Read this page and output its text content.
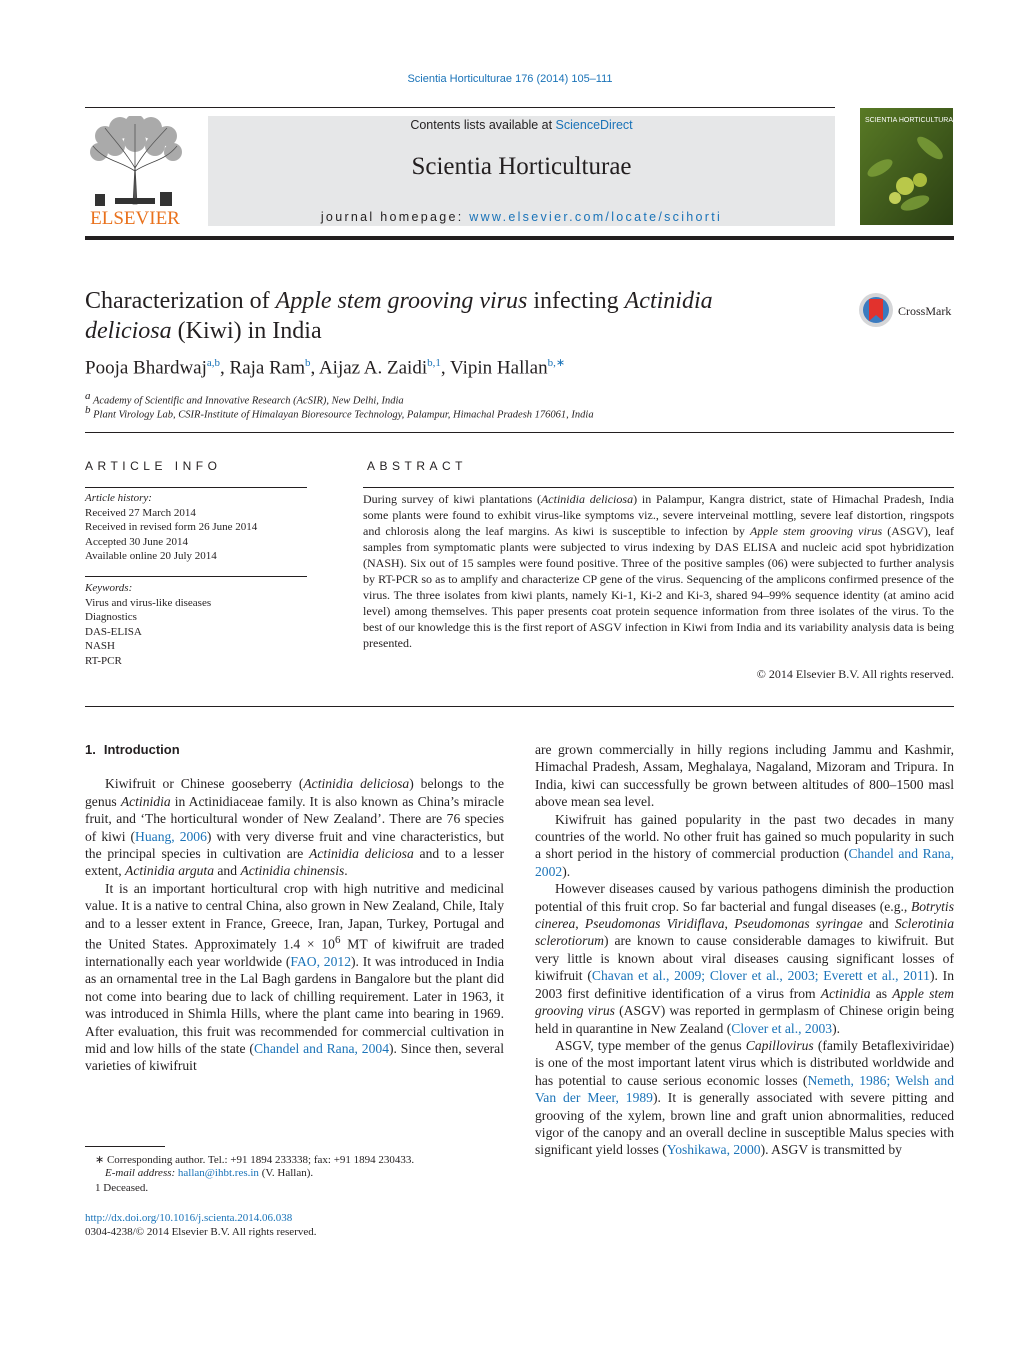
Scientia Horticulturae 176 (2014) 105–111
ELSEVIER
Contents lists available at ScienceDirect
Scientia Horticulturae
journal homepage: www.elsevier.com/locate/scihorti
SCIENTIA HORTICULTURAE
Characterization of Apple stem grooving virus infecting Actinidia
deliciosa (Kiwi) in India
CrossMark
Pooja Bhardwaj$^{a,b}$, Raja Ram$^b$, Aijaz A. Zaidi$^{b,1}$, Vipin Hallan$^{b,∗}$
$^a$ Academy of Scientific and Innovative Research (AcSIR), New Delhi, India
$^b$ Plant Virology Lab, CSIR-Institute of Himalayan Bioresource Technology, Palampur, Himachal Pradesh 176061, India
ARTICLE INFO	ABSTRACT
Article history:
Received 27 March 2014
Received in revised form 26 June 2014
Accepted 30 June 2014
Available online 20 July 2014
Keywords:
Virus and virus-like diseases
Diagnostics
DAS-ELISA
NASH
RT-PCR
During survey of kiwi plantations (Actinidia deliciosa) in Palampur, Kangra district, state of Himachal Pradesh, India some plants were found to exhibit virus-like symptoms viz., severe interveinal mottling, severe leaf distortion, ringspots and chlorosis along the leaf margins. As kiwi is susceptible to infection by Apple stem grooving virus (ASGV), leaf samples from symptomatic plants were subjected to virus indexing by DAS ELISA and nucleic acid spot hybridization (NASH). Six out of 15 samples were found positive. Three of the positive samples (06) were subjected to further analysis by RT-PCR so as to amplify and characterize CP gene of the virus. Sequencing of the amplicons confirmed presence of the virus. The three isolates from kiwi plants, namely Ki-1, Ki-2 and Ki-3, shared 94–99% sequence identity (at amino acid level) among themselves. This paper presents coat protein sequence information from three isolates of the virus. To the best of our knowledge this is the first report of ASGV infection in Kiwi from India and its variability analysis data is being presented.
© 2014 Elsevier B.V. All rights reserved.
1. Introduction

Kiwifruit or Chinese gooseberry (Actinidia deliciosa) belongs to the genus Actinidia in Actinidiaceae family. It is also known as China’s miracle fruit, and ‘The horticultural wonder of New Zealand’. There are 76 species of kiwi (Huang, 2006) with very diverse fruit and vine characteristics, but the principal species in cultivation are Actinidia deliciosa and to a lesser extent, Actinidia arguta and Actinidia chinensis.

It is an important horticultural crop with high nutritive and medicinal value. It is a native to central China, also grown in New Zealand, Chile, Italy and to a lesser extent in France, Greece, Iran, Japan, Turkey, Portugal and the United States. Approximately $1.4 \times 10^6$ MT of kiwifruit are traded internationally each year worldwide (FAO, 2012). It was introduced in India as an ornamental tree in the Lal Bagh gardens in Bangalore but the plant did not come into bearing due to lack of chilling requirement. Later in 1963, it was introduced in Shimla Hills, where the plant came into bearing in 1969. After evaluation, this fruit was recommended for commercial cultivation in mid and low hills of the state (Chandel and Rana, 2004). Since then, several varieties of kiwifruit

are grown commercially in hilly regions including Jammu and Kashmir, Himachal Pradesh, Assam, Meghalaya, Nagaland, Mizoram and Tripura. In India, kiwi can successfully be grown between altitudes of 800–1500 masl above mean sea level.

Kiwifruit has gained popularity in the past two decades in many countries of the world. No other fruit has gained so much popularity in such a short period in the history of commercial production (Chandel and Rana, 2002).

However diseases caused by various pathogens diminish the production potential of this fruit crop. So far bacterial and fungal diseases (e.g., Botrytis cinerea, Pseudomonas Viridiflava, Pseudomonas syringae and Sclerotinia sclerotiorum) are known to cause considerable damages to kiwifruit. But very little is known about viral diseases causing significant losses of kiwifruit (Chavan et al., 2009; Clover et al., 2003; Everett et al., 2011). In 2003 first definitive identification of a virus from Actinidia as Apple stem grooving virus (ASGV) was reported in germplasm of Chinese origin being held in quarantine in New Zealand (Clover et al., 2003).

ASGV, type member of the genus Capillovirus (family Betaflexiviridae) is one of the most important latent virus which is distributed worldwide and has potential to cause serious economic losses (Nemeth, 1986; Welsh and Van der Meer, 1989). It is generally associated with severe pitting and grooving of the xylem, brown line and graft union abnormalities, reduced vigor of the canopy and an overall decline in susceptible Malus species with significant yield losses (Yoshikawa, 2000). ASGV is transmitted by

∗ Corresponding author. Tel.: +91 1894 233338; fax: +91 1894 230433.
E-mail address: hallan@ihbt.res.in (V. Hallan).
1 Deceased.
http://dx.doi.org/10.1016/j.scienta.2014.06.038
0304-4238/© 2014 Elsevier B.V. All rights reserved.
